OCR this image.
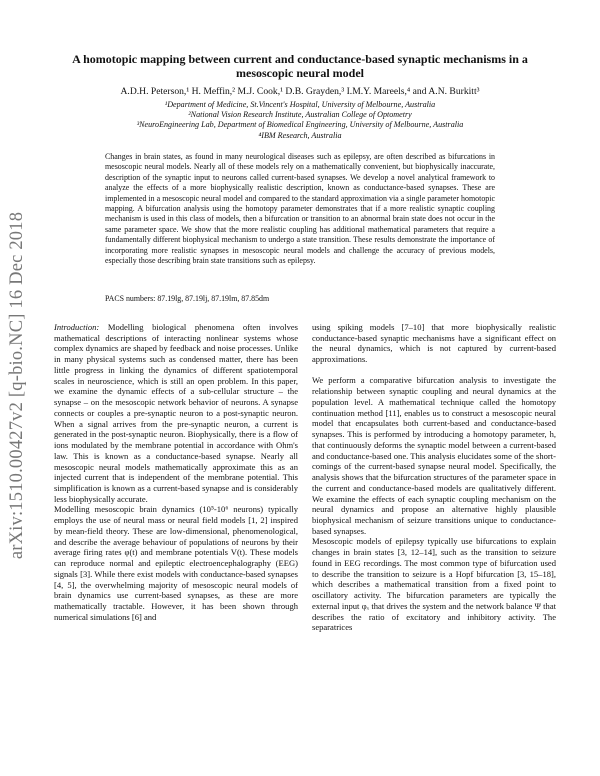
arXiv:1510.00427v2 [q-bio.NC] 16 Dec 2018
A homotopic mapping between current and conductance-based synaptic mechanisms in a mesoscopic neural model
A.D.H. Peterson,¹ H. Meffin,² M.J. Cook,¹ D.B. Grayden,³ I.M.Y. Mareels,⁴ and A.N. Burkitt³
¹Department of Medicine, St.Vincent's Hospital, University of Melbourne, Australia
²National Vision Research Institute, Australian College of Optometry
³NeuroEngineering Lab, Department of Biomedical Engineering, University of Melbourne, Australia
⁴IBM Research, Australia
Changes in brain states, as found in many neurological diseases such as epilepsy, are often described as bifurcations in mesoscopic neural models. Nearly all of these models rely on a mathematically convenient, but biophysically inaccurate, description of the synaptic input to neurons called current-based synapses. We develop a novel analytical framework to analyze the effects of a more biophysically realistic description, known as conductance-based synapses. These are implemented in a mesoscopic neural model and compared to the standard approximation via a single parameter homotopic mapping. A bifurcation analysis using the homotopy parameter demonstrates that if a more realistic synaptic coupling mechanism is used in this class of models, then a bifurcation or transition to an abnormal brain state does not occur in the same parameter space. We show that the more realistic coupling has additional mathematical parameters that require a fundamentally different biophysical mechanism to undergo a state transition. These results demonstrate the importance of incorporating more realistic synapses in mesoscopic neural models and challenge the accuracy of previous models, especially those describing brain state transitions such as epilepsy.
PACS numbers: 87.19lg, 87.19lj, 87.19lm, 87.85dm

Introduction: Modelling biological phenomena often involves mathematical descriptions of interacting nonlinear systems whose complex dynamics are shaped by feedback and noise processes. Unlike in many physical systems such as condensed matter, there has been little progress in linking the dynamics of different spatiotemporal scales in neuroscience, which is still an open problem. In this paper, we examine the dynamic effects of a sub-cellular structure – the synapse – on the mesoscopic network behavior of neurons. A synapse connects or couples a pre-synaptic neuron to a post-synaptic neuron. When a signal arrives from the pre-synaptic neuron, a current is generated in the post-synaptic neuron. Biophysically, there is a flow of ions modulated by the membrane potential in accordance with Ohm's law. This is known as a conductance-based synapse. Nearly all mesoscopic neural models mathematically approximate this as an injected current that is independent of the membrane potential. This simplification is known as a current-based synapse and is considerably less biophysically accurate.

Modelling mesoscopic brain dynamics (10⁵-10⁶ neurons) typically employs the use of neural mass or neural field models [1, 2] inspired by mean-field theory. These are low-dimensional, phenomenological, and describe the average behaviour of populations of neurons by their average firing rates φ(t) and membrane potentials V(t). These models can reproduce normal and epileptic electroencephalography (EEG) signals [3]. While there exist models with conductance-based synapses [4, 5], the overwhelming majority of mesoscopic neural models of brain dynamics use current-based synapses, as these are more mathematically tractable. However, it has been shown through numerical simulations [6] and

using spiking models [7–10] that more biophysically realistic conductance-based synaptic mechanisms have a significant effect on the neural dynamics, which is not captured by current-based approximations.

We perform a comparative bifurcation analysis to investigate the relationship between synaptic coupling and neural dynamics at the population level. A mathematical technique called the homotopy continuation method [11], enables us to construct a mesoscopic neural model that encapsulates both current-based and conductance-based synapses. This is performed by introducing a homotopy parameter, h, that continuously deforms the synaptic model between a current-based and conductance-based one. This analysis elucidates some of the short-comings of the current-based synapse neural model. Specifically, the analysis shows that the bifurcation structures of the parameter space in the current and conductance-based models are qualitatively different. We examine the effects of each synaptic coupling mechanism on the neural dynamics and propose an alternative highly plausible biophysical mechanism of seizure transitions unique to conductance-based synapses.

Mesoscopic models of epilepsy typically use bifurcations to explain changes in brain states [3, 12–14], such as the transition to seizure found in EEG recordings. The most common type of bifurcation used to describe the transition to seizure is a Hopf bifurcation [3, 15–18], which describes a mathematical transition from a fixed point to oscillatory activity. The bifurcation parameters are typically the external input φₓ that drives the system and the network balance Ψ that describes the ratio of excitatory and inhibitory activity. The separatrices
